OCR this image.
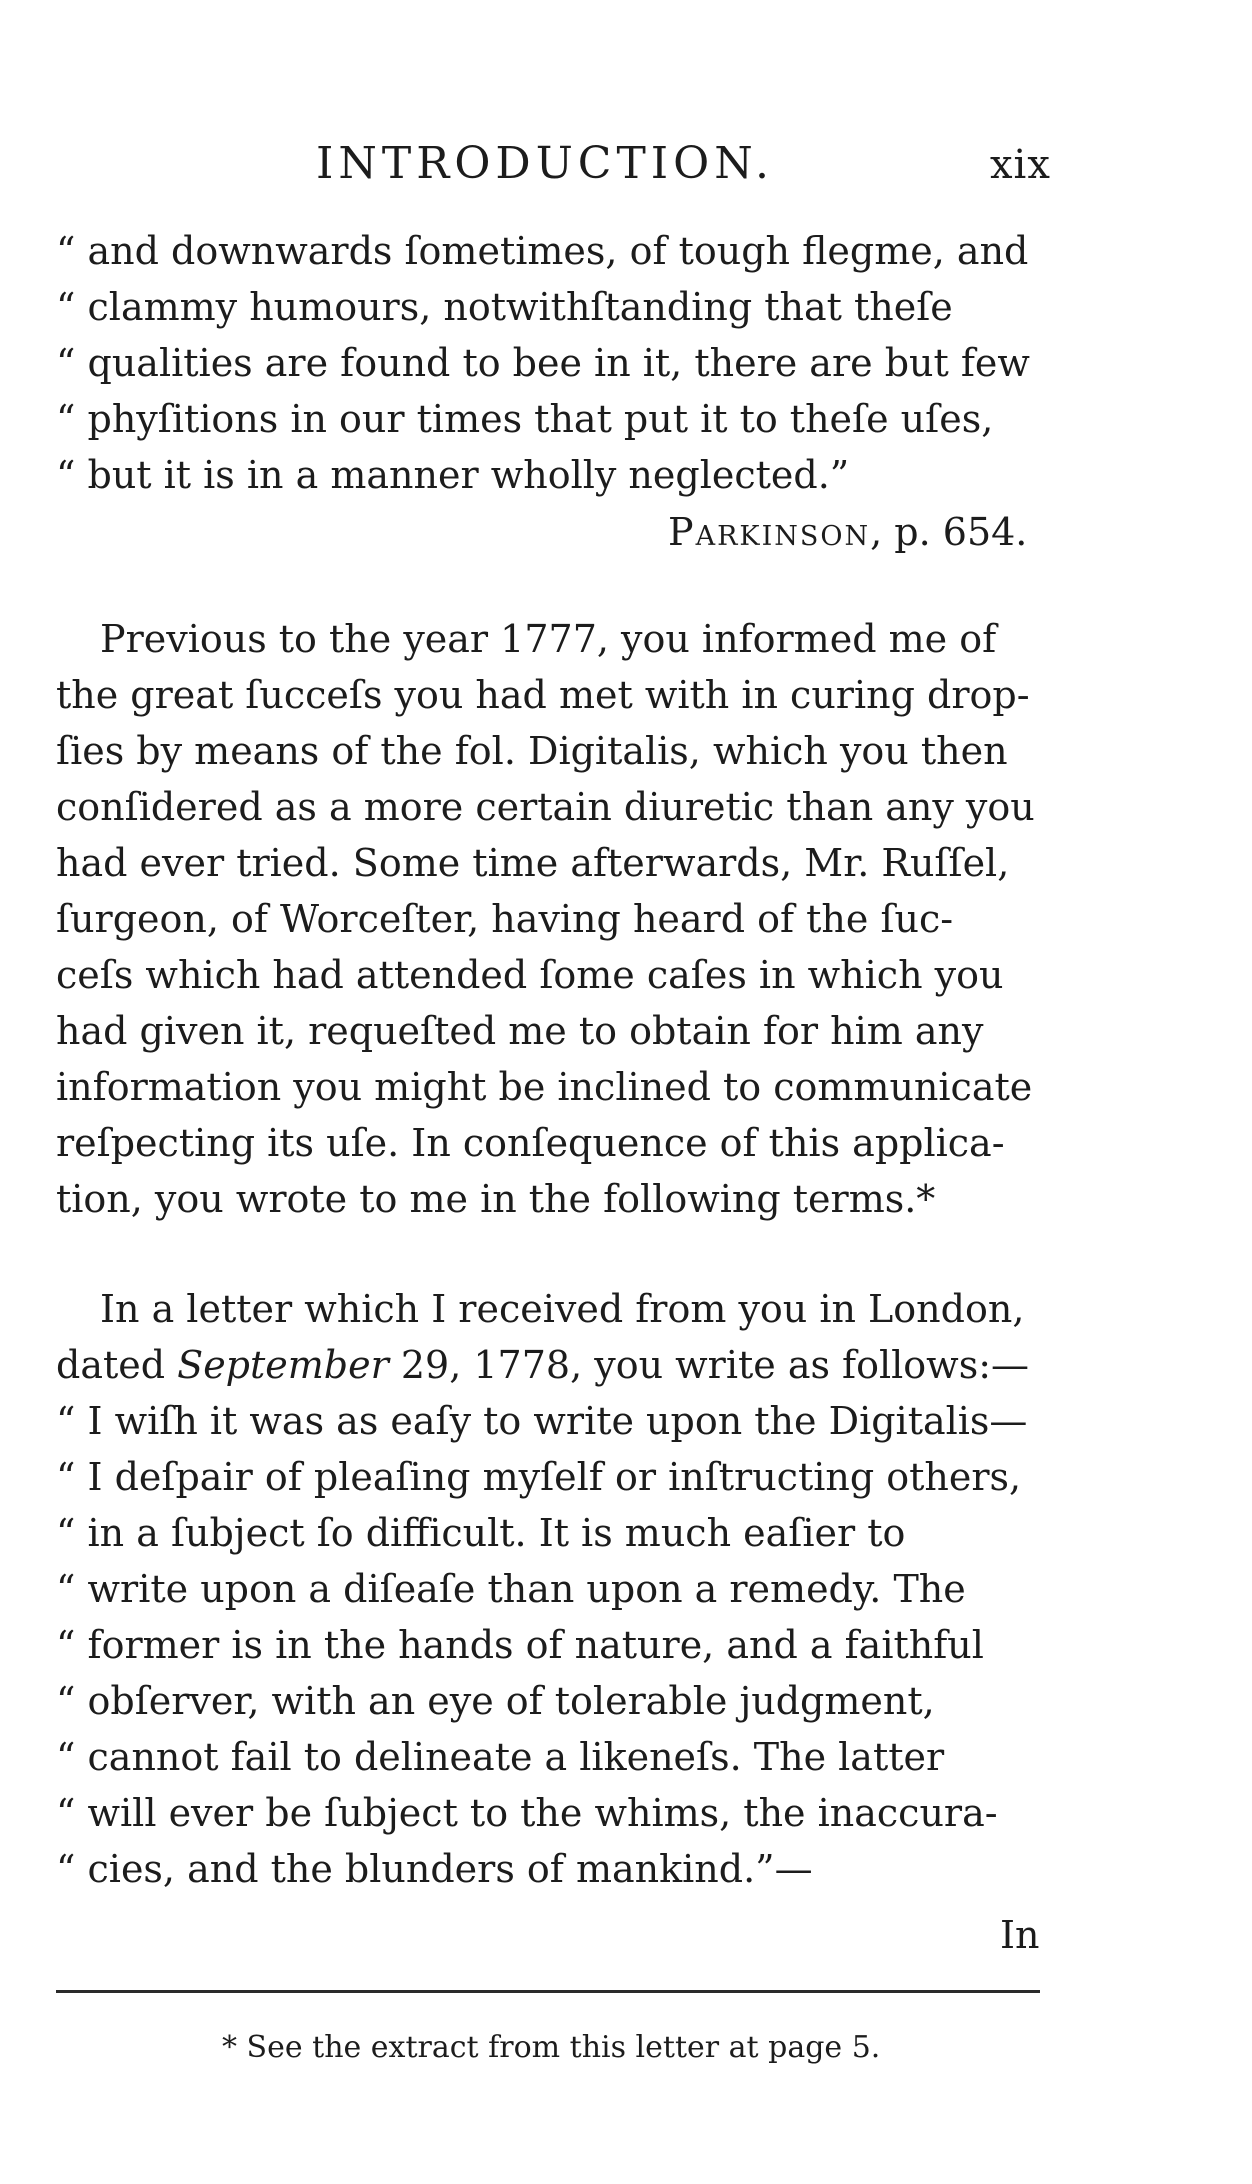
INTRODUCTION.	xix
“ and downwards ſometimes, of tough flegme, and
“ clammy humours, notwithſtanding that theſe
“ qualities are found to bee in it, there are but few
“ phyſitions in our times that put it to theſe uſes,
“ but it is in a manner wholly neglected.”
Parkinson, p. 654.
Previous to the year 1777, you informed me of
the great ſucceſs you had met with in curing drop-
ſies by means of the fol. Digitalis, which you then
conſidered as a more certain diuretic than any you
had ever tried. Some time afterwards, Mr. Ruſſel,
ſurgeon, of Worceſter, having heard of the ſuc-
ceſs which had attended ſome caſes in which you
had given it, requeſted me to obtain for him any
information you might be inclined to communicate
reſpecting its uſe. In conſequence of this applica-
tion, you wrote to me in the following terms.*
In a letter which I received from you in London,
dated September 29, 1778, you write as follows:—
“ I wiſh it was as eaſy to write upon the Digitalis—
“ I deſpair of pleaſing myſelf or inſtructing others,
“ in a ſubject ſo difficult. It is much eaſier to
“ write upon a diſeaſe than upon a remedy. The
“ former is in the hands of nature, and a faithful
“ obſerver, with an eye of tolerable judgment,
“ cannot fail to delineate a likeneſs. The latter
“ will ever be ſubject to the whims, the inaccura-
“ cies, and the blunders of mankind.”—
In
* See the extract from this letter at page 5.
